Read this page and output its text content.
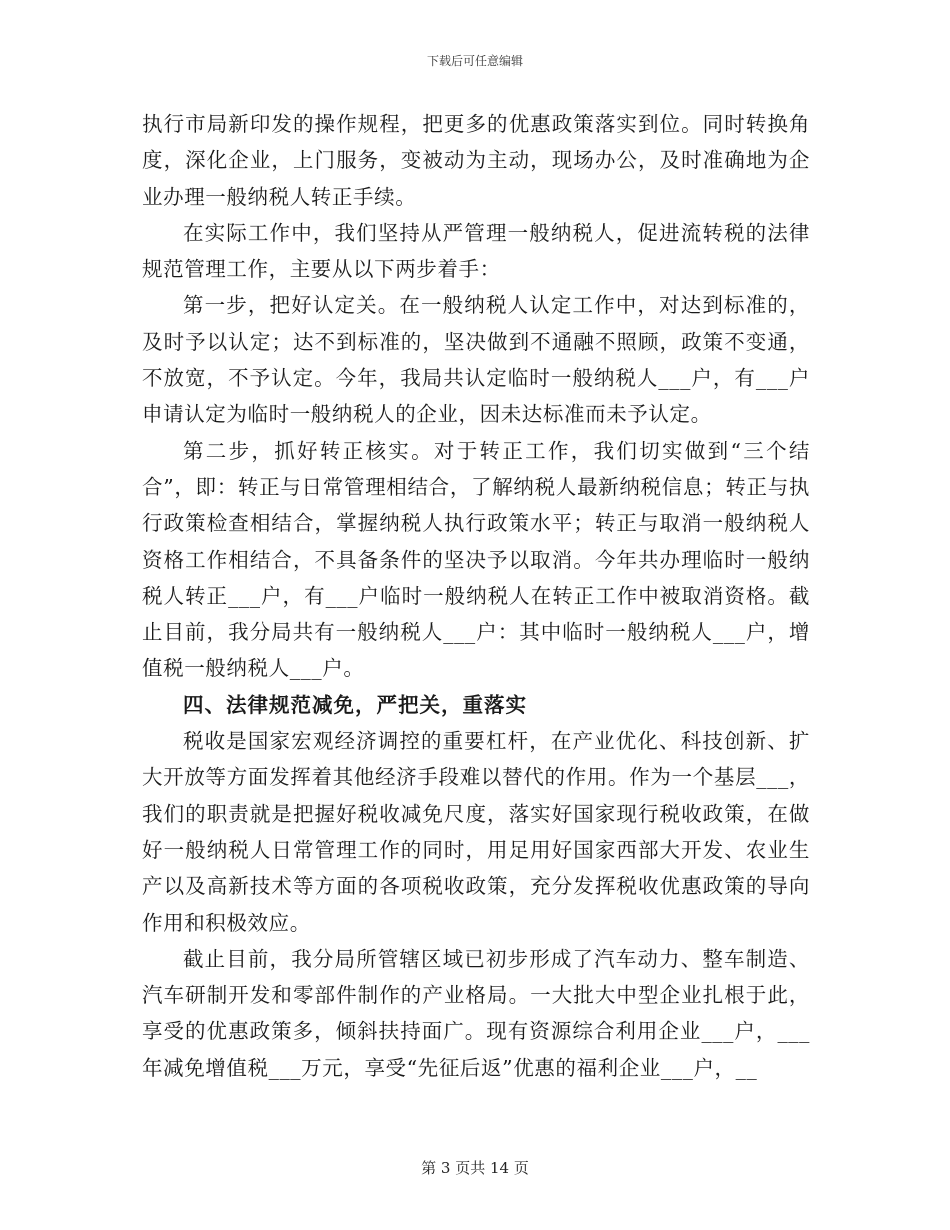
下载后可任意编辑

执行市局新印发的操作规程，把更多的优惠政策落实到位。同时转换角度，深化企业，上门服务，变被动为主动，现场办公，及时准确地为企业办理一般纳税人转正手续。

在实际工作中，我们坚持从严管理一般纳税人，促进流转税的法律规范管理工作，主要从以下两步着手：

第一步，把好认定关。在一般纳税人认定工作中，对达到标准的，及时予以认定；达不到标准的，坚决做到不通融不照顾，政策不变通，不放宽，不予认定。今年，我局共认定临时一般纳税人___户，有___户申请认定为临时一般纳税人的企业，因未达标准而未予认定。

第二步，抓好转正核实。对于转正工作，我们切实做到“三个结合”，即：转正与日常管理相结合，了解纳税人最新纳税信息；转正与执行政策检查相结合，掌握纳税人执行政策水平；转正与取消一般纳税人资格工作相结合，不具备条件的坚决予以取消。今年共办理临时一般纳税人转正___户，有___户临时一般纳税人在转正工作中被取消资格。截止目前，我分局共有一般纳税人___户：其中临时一般纳税人___户，增值税一般纳税人___户。

四、法律规范减免，严把关，重落实

税收是国家宏观经济调控的重要杠杆，在产业优化、科技创新、扩大开放等方面发挥着其他经济手段难以替代的作用。作为一个基层___，我们的职责就是把握好税收减免尺度，落实好国家现行税收政策，在做好一般纳税人日常管理工作的同时，用足用好国家西部大开发、农业生产以及高新技术等方面的各项税收政策，充分发挥税收优惠政策的导向作用和积极效应。

截止目前，我分局所管辖区域已初步形成了汽车动力、整车制造、汽车研制开发和零部件制作的产业格局。一大批大中型企业扎根于此，享受的优惠政策多，倾斜扶持面广。现有资源综合利用企业___户，___年减免增值税___万元，享受“先征后返”优惠的福利企业___户，__

第 3 页共 14 页
